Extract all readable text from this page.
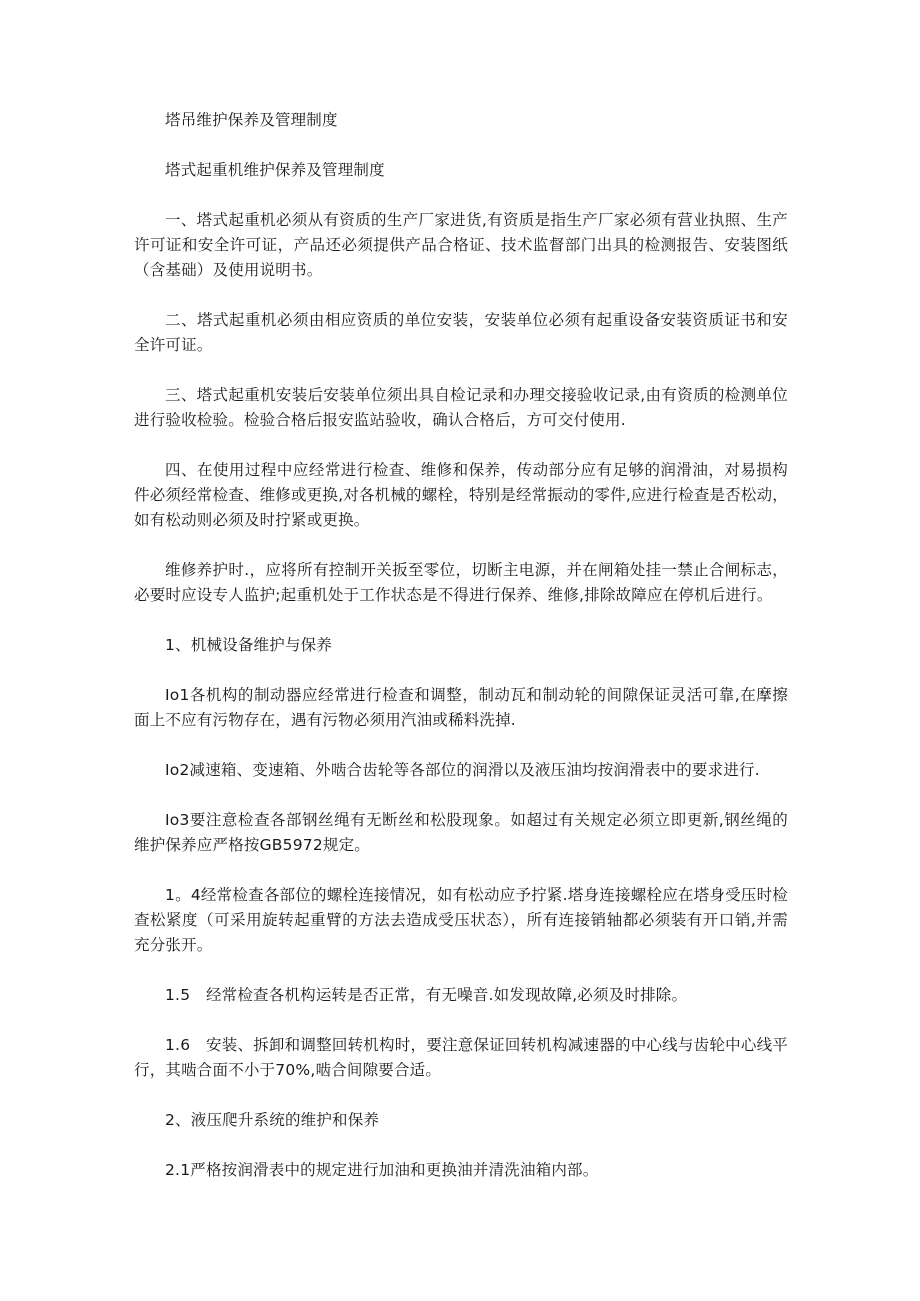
塔吊维护保养及管理制度

塔式起重机维护保养及管理制度

一、塔式起重机必须从有资质的生产厂家进货,有资质是指生产厂家必须有营业执照、生产许可证和安全许可证，产品还必须提供产品合格证、技术监督部门出具的检测报告、安装图纸（含基础）及使用说明书。

二、塔式起重机必须由相应资质的单位安装，安装单位必须有起重设备安装资质证书和安全许可证。

三、塔式起重机安装后安装单位须出具自检记录和办理交接验收记录,由有资质的检测单位进行验收检验。检验合格后报安监站验收，确认合格后，方可交付使用.

四、在使用过程中应经常进行检查、维修和保养，传动部分应有足够的润滑油，对易损构件必须经常检查、维修或更换,对各机械的螺栓，特别是经常振动的零件,应进行检查是否松动，如有松动则必须及时拧紧或更换。

维修养护时.，应将所有控制开关扳至零位，切断主电源，并在闸箱处挂一禁止合闸标志，必要时应设专人监护;起重机处于工作状态是不得进行保养、维修,排除故障应在停机后进行。

1、机械设备维护与保养

Io1各机构的制动器应经常进行检查和调整，制动瓦和制动轮的间隙保证灵活可靠,在摩擦面上不应有污物存在，遇有污物必须用汽油或稀料洗掉.

Io2减速箱、变速箱、外啮合齿轮等各部位的润滑以及液压油均按润滑表中的要求进行.

Io3要注意检查各部钢丝绳有无断丝和松股现象。如超过有关规定必须立即更新,钢丝绳的维护保养应严格按GB5972规定。

1。4经常检查各部位的螺栓连接情况，如有松动应予拧紧.塔身连接螺栓应在塔身受压时检查松紧度（可采用旋转起重臂的方法去造成受压状态），所有连接销轴都必须装有开口销,并需充分张开。

1.5　经常检查各机构运转是否正常，有无噪音.如发现故障,必须及时排除。

1.6　安装、拆卸和调整回转机构时，要注意保证回转机构减速器的中心线与齿轮中心线平行，其啮合面不小于70%,啮合间隙要合适。

2、液压爬升系统的维护和保养

2.1严格按润滑表中的规定进行加油和更换油并清洗油箱内部。
